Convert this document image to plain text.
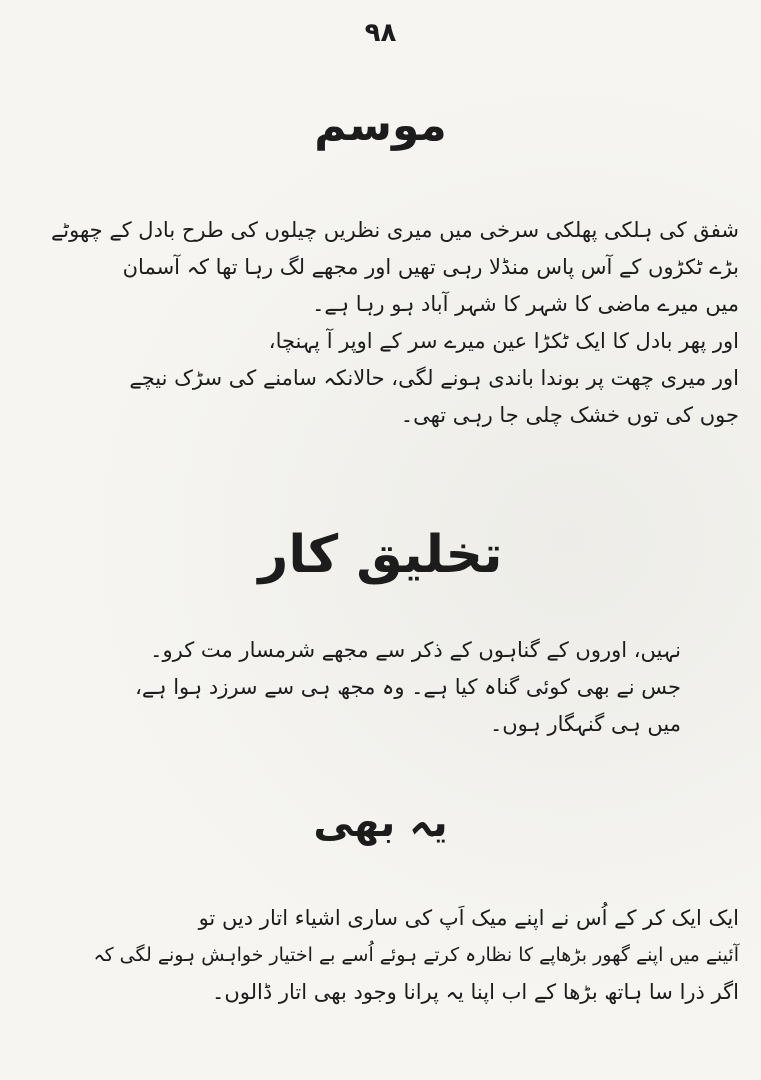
۹۸
موسم
شفق کی ہلکی پھلکی سرخی میں میری نظریں چیلوں کی طرح بادل کے چھوٹے
بڑے ٹکڑوں کے آس پاس منڈلا رہی تھیں اور مجھے لگ رہا تھا کہ آسمان
میں میرے ماضی کا شہر کا شہر آباد ہو رہا ہے۔
اور پھر بادل کا ایک ٹکڑا عین میرے سر کے اوپر آ پہنچا،
اور میری چھت پر بوندا باندی ہونے لگی، حالانکہ سامنے کی سڑک نیچے
جوں کی توں خشک چلی جا رہی تھی۔
تخلیق کار
نہیں، اوروں کے گناہوں کے ذکر سے مجھے شرمسار مت کرو۔
جس نے بھی کوئی گناہ کیا ہے۔ وہ مجھ ہی سے سرزد ہوا ہے،
میں ہی گنہگار ہوں۔
یہ بھی
ایک ایک کر کے اُس نے اپنے میک اَپ کی ساری اشیاء اتار دیں تو
آئینے میں اپنے گھور بڑھاپے کا نظارہ کرتے ہوئے اُسے بے اختیار خواہش ہونے لگی کہ
اگر ذرا سا ہاتھ بڑھا کے اب اپنا یہ پرانا وجود بھی اتار ڈالوں۔
